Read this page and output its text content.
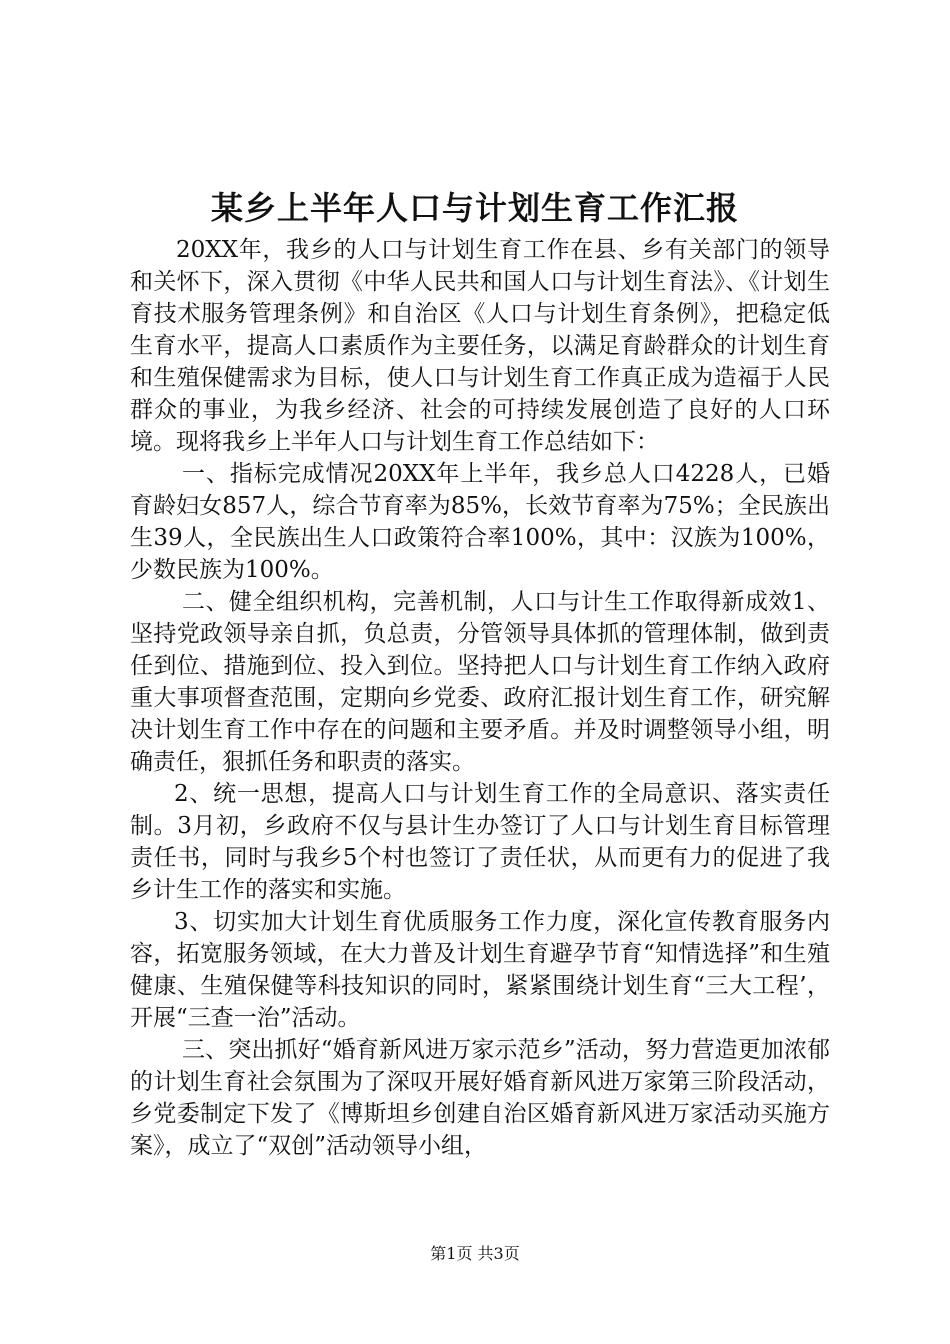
某乡上半年人口与计划生育工作汇报

20XX年，我乡的人口与计划生育工作在县、乡有关部门的领导和关怀下，深入贯彻《中华人民共和国人口与计划生育法》、《计划生育技术服务管理条例》和自治区《人口与计划生育条例》，把稳定低生育水平，提高人口素质作为主要任务，以满足育龄群众的计划生育和生殖保健需求为目标，使人口与计划生育工作真正成为造福于人民群众的事业，为我乡经济、社会的可持续发展创造了良好的人口环境。现将我乡上半年人口与计划生育工作总结如下：

一、指标完成情况20XX年上半年，我乡总人口4228人，已婚育龄妇女857人，综合节育率为85%，长效节育率为75%；全民族出生39人，全民族出生人口政策符合率100%，其中：汉族为100%，少数民族为100%。

二、健全组织机构，完善机制，人口与计生工作取得新成效1、坚持党政领导亲自抓，负总责，分管领导具体抓的管理体制，做到责任到位、措施到位、投入到位。坚持把人口与计划生育工作纳入政府重大事项督查范围，定期向乡党委、政府汇报计划生育工作，研究解决计划生育工作中存在的问题和主要矛盾。并及时调整领导小组，明确责任，狠抓任务和职责的落实。

2、统一思想，提高人口与计划生育工作的全局意识、落实责任制。3月初，乡政府不仅与县计生办签订了人口与计划生育目标管理责任书，同时与我乡5个村也签订了责任状，从而更有力的促进了我乡计生工作的落实和实施。

3、切实加大计划生育优质服务工作力度，深化宣传教育服务内容，拓宽服务领域，在大力普及计划生育避孕节育“知情选择”和生殖健康、生殖保健等科技知识的同时，紧紧围绕计划生育“三大工程’，开展“三查一治”活动。

三、突出抓好“婚育新风进万家示范乡”活动，努力营造更加浓郁的计划生育社会氛围为了深叹开展好婚育新风进万家第三阶段活动，乡党委制定下发了《博斯坦乡创建自治区婚育新风进万家活动买施方案》，成立了“双创”活动领导小组，

第1页 共3页
